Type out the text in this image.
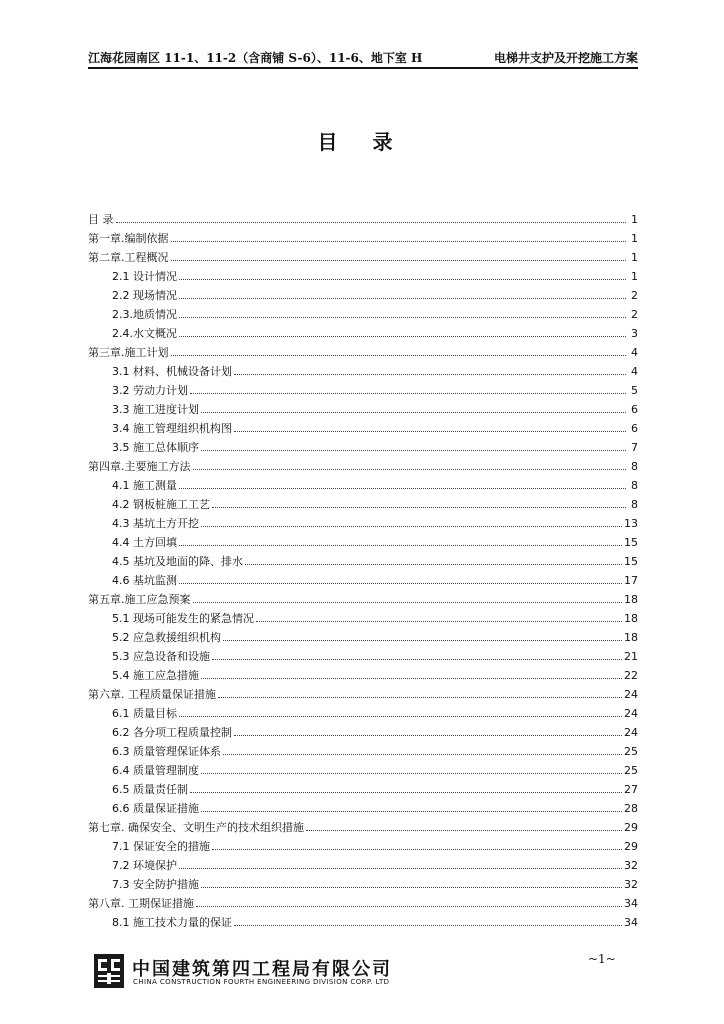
江海花园南区 11-1、11-2（含商铺 S-6）、11-6、地下室 H	电梯井支护及开挖施工方案
目 录
目 录	1
第一章.编制依据	1
第二章.工程概况	1
2.1 设计情况	1
2.2 现场情况	2
2.3.地质情况	2
2.4.水文概况	3
第三章.施工计划	4
3.1 材料、机械设备计划	4
3.2 劳动力计划	5
3.3 施工进度计划	6
3.4 施工管理组织机构图	6
3.5 施工总体顺序	7
第四章.主要施工方法	8
4.1 施工测量	8
4.2 钢板桩施工工艺	8
4.3 基坑土方开挖	13
4.4 土方回填	15
4.5 基坑及地面的降、排水	15
4.6 基坑监测	17
第五章.施工应急预案	18
5.1 现场可能发生的紧急情况	18
5.2 应急救援组织机构	18
5.3 应急设备和设施	21
5.4 施工应急措施	22
第六章. 工程质量保证措施	24
6.1 质量目标	24
6.2 各分项工程质量控制	24
6.3 质量管理保证体系	25
6.4 质量管理制度	25
6.5 质量责任制	27
6.6 质量保证措施	28
第七章. 确保安全、文明生产的技术组织措施	29
7.1 保证安全的措施	29
7.2 环境保护	32
7.3 安全防护措施	32
第八章. 工期保证措施	34
8.1 施工技术力量的保证	34
中国建筑第四工程局有限公司
CHINA CONSTRUCTION FOURTH ENGINEERING DIVISION CORP. LTD
~1~
